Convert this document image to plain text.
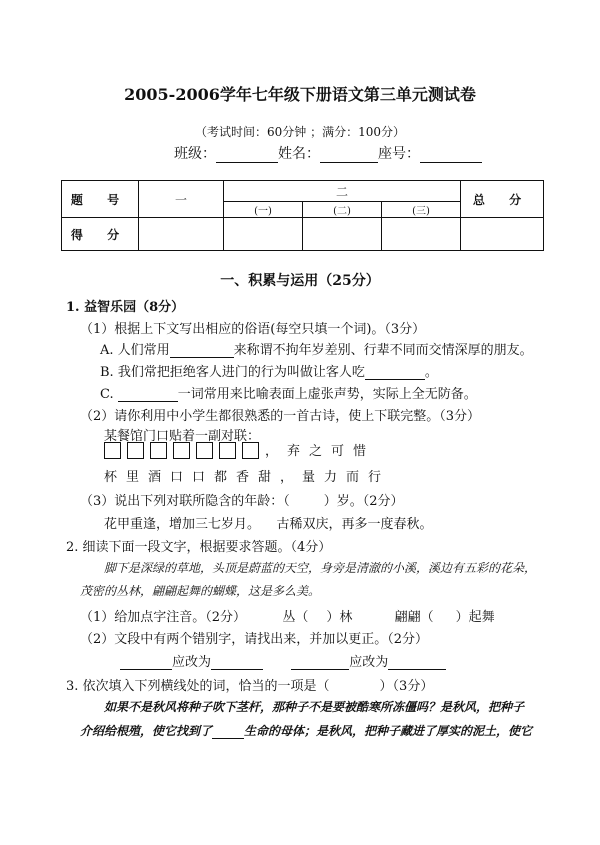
2005-2006学年七年级下册语文第三单元测试卷
（考试时间：60分钟 ；满分：100分）
班级：	姓名：	座号：
题 号	一	二			总 分
		(一)	(二)	(三)	
得 分					
一、积累与运用（25分）
1. 益智乐园（8分）
（1）根据上下文写出相应的俗语(每空只填一个词)。（3分）
A. 人们常用	来称谓不拘年岁差别、行辈不同而交情深厚的朋友。
B. 我们常把拒绝客人进门的行为叫做让客人吃	。
C.	一词常用来比喻表面上虚张声势，实际上全无防备。
（2）请你利用中小学生都很熟悉的一首古诗，使上下联完整。（3分）
某餐馆门口贴着一副对联：
，弃之可惜
杯里酒口口都香甜，量力而行
（3）说出下列对联所隐含的年龄：（	）岁。（2分）
花甲重逢，增加三七岁月。    古稀双庆，再多一度春秋。
2. 细读下面一段文字，根据要求答题。（4分）
脚下是深绿的草地，头顶是蔚蓝的天空，身旁是清澈的小溪，溪边有五彩的花朵，
茂密的丛林，翩翩起舞的蝴蝶，这是多么美。
（1）给加点字注音。（2分）	丛（ ）林	翩翩（ ）起舞
（2）文段中有两个错别字，请找出来，并加以更正。（2分）
应改为	应改为
3. 依次填入下列横线处的词，恰当的一项是（	）（3分）
如果不是秋风将种子吹下茎杆，那种子不是要被酷寒所冻僵吗？是秋风，把种子
介绍给根殖，使它找到了	生命的母体；是秋风，把种子藏进了厚实的泥土，使它
